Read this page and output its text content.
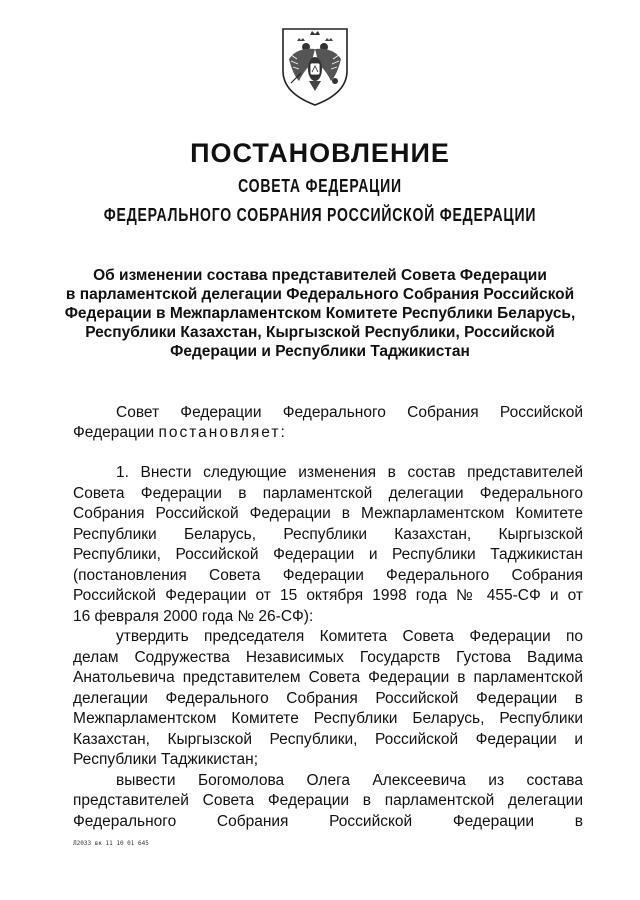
ПОСТАНОВЛЕНИЕ
СОВЕТА ФЕДЕРАЦИИ
ФЕДЕРАЛЬНОГО СОБРАНИЯ РОССИЙСКОЙ ФЕДЕРАЦИИ
Об изменении состава представителей Совета Федерации
в парламентской делегации Федерального Собрания Российской
Федерации в Межпарламентском Комитете Республики Беларусь,
Республики Казахстан, Кыргызской Республики, Российской
Федерации и Республики Таджикистан
Совет Федерации Федерального Собрания Российской
Федерации постановляет:
1. Внести следующие изменения в состав представителей
Совета Федерации в парламентской делегации Федерального
Собрания Российской Федерации в Межпарламентском Комитете
Республики Беларусь, Республики Казахстан, Кыргызской
Республики, Российской Федерации и Республики Таджикистан
(постановления Совета Федерации Федерального Собрания
Российской Федерации от 15 октября 1998 года № 455-СФ и от
16 февраля 2000 года № 26-СФ):
утвердить председателя Комитета Совета Федерации по
делам Содружества Независимых Государств Густова Вадима
Анатольевича представителем Совета Федерации в парламентской
делегации Федерального Собрания Российской Федерации в
Межпарламентском Комитете Республики Беларусь, Республики
Казахстан, Кыргызской Республики, Российской Федерации и
Республики Таджикистан;
вывести Богомолова Олега Алексеевича из состава
представителей Совета Федерации в парламентской делегации
Федерального Собрания Российской Федерации в
Л2033 вк 11 10 01 645
